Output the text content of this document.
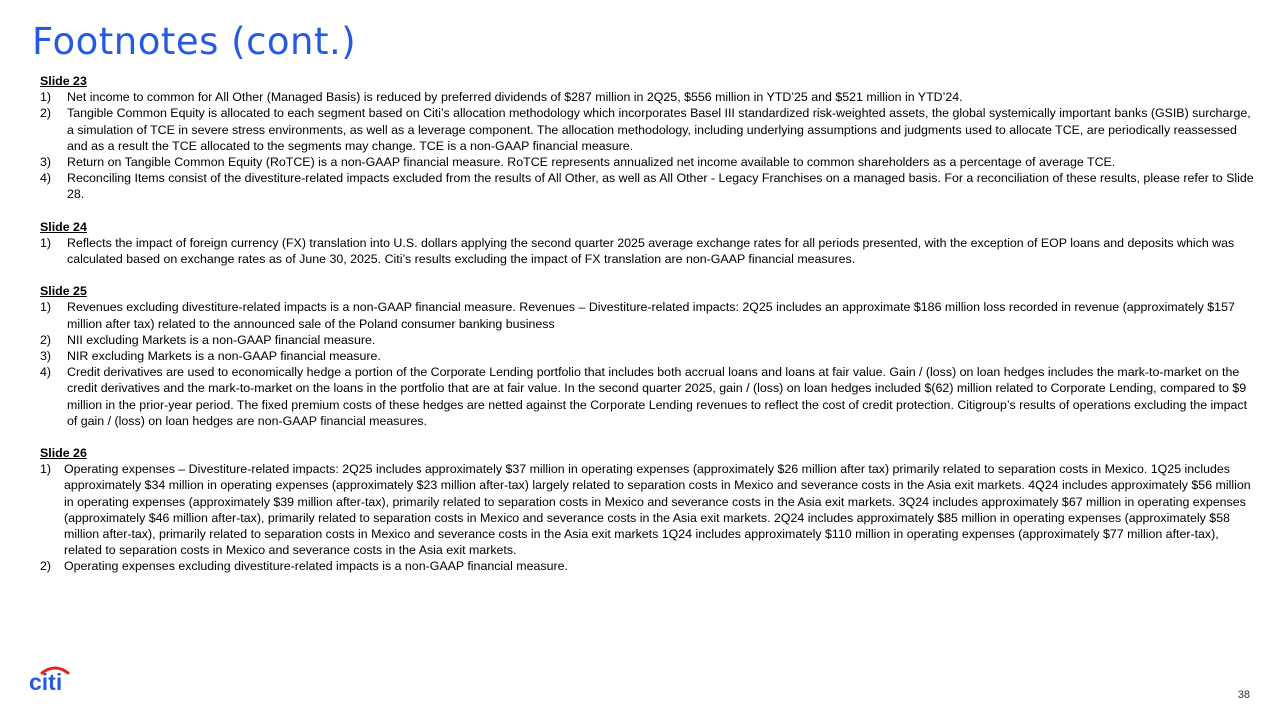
Footnotes (cont.)
Slide 23
1) Net income to common for All Other (Managed Basis) is reduced by preferred dividends of $287 million in 2Q25, $556 million in YTD’25 and $521 million in YTD’24.
2) Tangible Common Equity is allocated to each segment based on Citi’s allocation methodology which incorporates Basel III standardized risk-weighted assets, the global systemically important banks (GSIB) surcharge, a simulation of TCE in severe stress environments, as well as a leverage component. The allocation methodology, including underlying assumptions and judgments used to allocate TCE, are periodically reassessed and as a result the TCE allocated to the segments may change. TCE is a non-GAAP financial measure.
3) Return on Tangible Common Equity (RoTCE) is a non-GAAP financial measure. RoTCE represents annualized net income available to common shareholders as a percentage of average TCE.
4) Reconciling Items consist of the divestiture-related impacts excluded from the results of All Other, as well as All Other - Legacy Franchises on a managed basis. For a reconciliation of these results, please refer to Slide 28.
Slide 24
1) Reflects the impact of foreign currency (FX) translation into U.S. dollars applying the second quarter 2025 average exchange rates for all periods presented, with the exception of EOP loans and deposits which was calculated based on exchange rates as of June 30, 2025. Citi’s results excluding the impact of FX translation are non-GAAP financial measures.
Slide 25
1) Revenues excluding divestiture-related impacts is a non-GAAP financial measure. Revenues – Divestiture-related impacts: 2Q25 includes an approximate $186 million loss recorded in revenue (approximately $157 million after tax) related to the announced sale of the Poland consumer banking business
2) NII excluding Markets is a non-GAAP financial measure.
3) NIR excluding Markets is a non-GAAP financial measure.
4) Credit derivatives are used to economically hedge a portion of the Corporate Lending portfolio that includes both accrual loans and loans at fair value. Gain / (loss) on loan hedges includes the mark-to-market on the credit derivatives and the mark-to-market on the loans in the portfolio that are at fair value. In the second quarter 2025, gain / (loss) on loan hedges included $(62) million related to Corporate Lending, compared to $9 million in the prior-year period. The fixed premium costs of these hedges are netted against the Corporate Lending revenues to reflect the cost of credit protection. Citigroup’s results of operations excluding the impact of gain / (loss) on loan hedges are non-GAAP financial measures.
Slide 26
1) Operating expenses – Divestiture-related impacts: 2Q25 includes approximately $37 million in operating expenses (approximately $26 million after tax) primarily related to separation costs in Mexico. 1Q25 includes approximately $34 million in operating expenses (approximately $23 million after-tax) largely related to separation costs in Mexico and severance costs in the Asia exit markets. 4Q24 includes approximately $56 million in operating expenses (approximately $39 million after-tax), primarily related to separation costs in Mexico and severance costs in the Asia exit markets. 3Q24 includes approximately $67 million in operating expenses (approximately $46 million after-tax), primarily related to separation costs in Mexico and severance costs in the Asia exit markets. 2Q24 includes approximately $85 million in operating expenses (approximately $58 million after-tax), primarily related to separation costs in Mexico and severance costs in the Asia exit markets 1Q24 includes approximately $110 million in operating expenses (approximately $77 million after-tax), related to separation costs in Mexico and severance costs in the Asia exit markets.
2) Operating expenses excluding divestiture-related impacts is a non-GAAP financial measure.
citi	38
